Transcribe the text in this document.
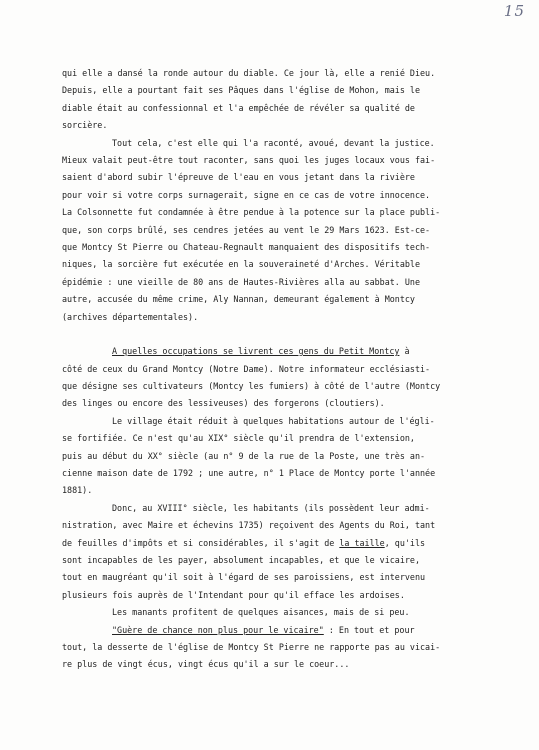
15

qui elle a dansé la ronde autour du diable. Ce jour là, elle a renié Dieu.
Depuis, elle a pourtant fait ses Pâques dans l'église de Mohon, mais le
diable était au confessionnal et l'a empêchée de révéler sa qualité de
sorcière.

Tout cela, c'est elle qui l'a raconté, avoué, devant la justice.
Mieux valait peut-être tout raconter, sans quoi les juges locaux vous fai-
saient d'abord subir l'épreuve de l'eau en vous jetant dans la rivière
pour voir si votre corps surnagerait, signe en ce cas de votre innocence.
La Colsonnette fut condamnée à être pendue à la potence sur la place publi-
que, son corps brûlé, ses cendres jetées au vent le 29 Mars 1623. Est-ce-
que Montcy St Pierre ou Chateau-Regnault manquaient des dispositifs tech-
niques, la sorcière fut exécutée en la souveraineté d'Arches. Véritable
épidémie : une vieille de 80 ans de Hautes-Rivières alla au sabbat. Une
autre, accusée du même crime, Aly Nannan, demeurant également à Montcy
(archives départementales).

A quelles occupations se livrent ces gens du Petit Montcy à
côté de ceux du Grand Montcy (Notre Dame). Notre informateur ecclésiasti-
que désigne ses cultivateurs (Montcy les fumiers) à côté de l'autre (Montcy
des linges ou encore des lessiveuses) des forgerons (cloutiers).

Le village était réduit à quelques habitations autour de l'égli-
se fortifiée. Ce n'est qu'au XIX° siècle qu'il prendra de l'extension,
puis au début du XX° siècle (au n° 9 de la rue de la Poste, une très an-
cienne maison date de 1792 ; une autre, n° 1 Place de Montcy porte l'année
1881).

Donc, au XVIII° siècle, les habitants (ils possèdent leur admi-
nistration, avec Maire et échevins 1735) reçoivent des Agents du Roi, tant
de feuilles d'impôts et si considérables, il s'agit de la taille, qu'ils
sont incapables de les payer, absolument incapables, et que le vicaire,
tout en maugréant qu'il soit à l'égard de ses paroissiens, est intervenu
plusieurs fois auprès de l'Intendant pour qu'il efface les ardoises.

Les manants profitent de quelques aisances, mais de si peu.
"Guère de chance non plus pour le vicaire" : En tout et pour
tout, la desserte de l'église de Montcy St Pierre ne rapporte pas au vicai-
re plus de vingt écus, vingt écus qu'il a sur le coeur...
